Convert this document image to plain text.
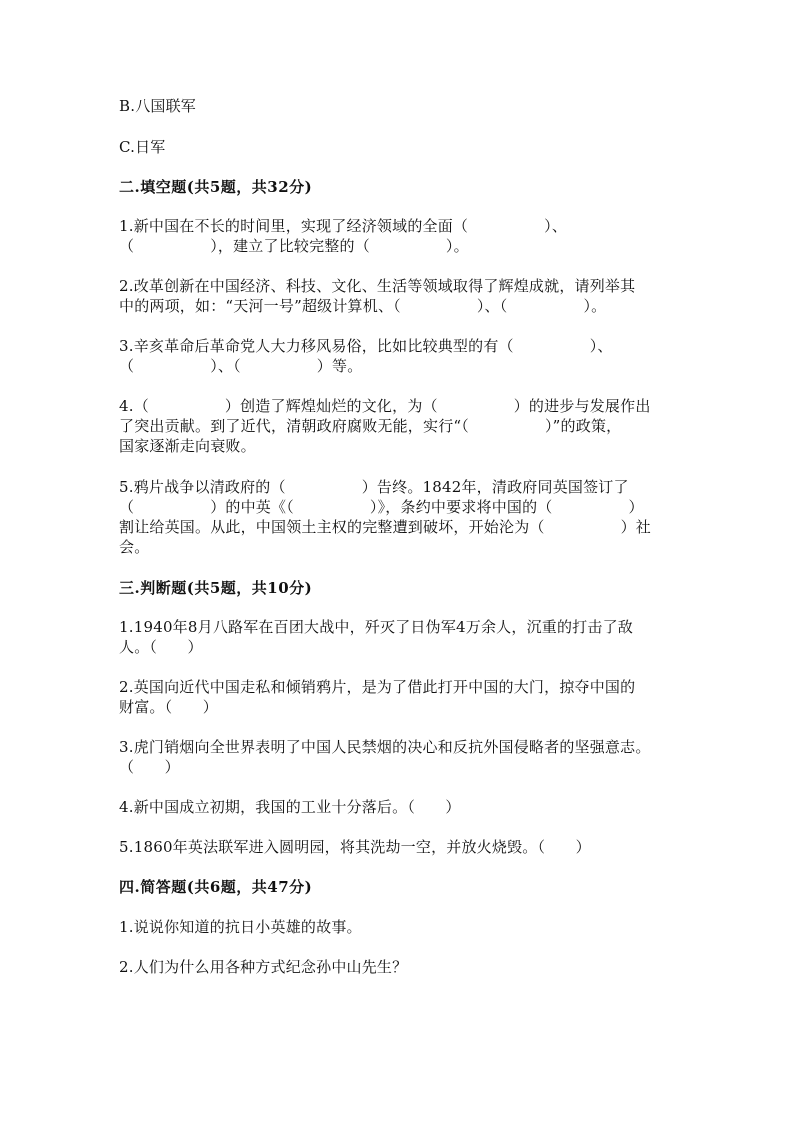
B.八国联军
C.日军
二.填空题(共5题，共32分)
1.新中国在不长的时间里，实现了经济领域的全面（　　　　　）、
（　　　　　），建立了比较完整的（　　　　　）。
2.改革创新在中国经济、科技、文化、生活等领域取得了辉煌成就，请列举其
中的两项，如：“天河一号”超级计算机、（　　　　　）、（　　　　　）。
3.辛亥革命后革命党人大力移风易俗，比如比较典型的有（　　　　　）、
（　　　　　）、（　　　　　）等。
4.（　　　　　）创造了辉煌灿烂的文化，为（　　　　　）的进步与发展作出
了突出贡献。到了近代，清朝政府腐败无能，实行“（　　　　　）”的政策，
国家逐渐走向衰败。
5.鸦片战争以清政府的（　　　　　）告终。1842年，清政府同英国签订了
（　　　　　）的中英《（　　　　　）》，条约中要求将中国的（　　　　　）
割让给英国。从此，中国领土主权的完整遭到破坏，开始沦为（　　　　　）社
会。
三.判断题(共5题，共10分)
1.1940年8月八路军在百团大战中，歼灭了日伪军4万余人，沉重的打击了敌
人。（　　）
2.英国向近代中国走私和倾销鸦片，是为了借此打开中国的大门，掠夺中国的
财富。（　　）
3.虎门销烟向全世界表明了中国人民禁烟的决心和反抗外国侵略者的坚强意志。
（　　）
4.新中国成立初期，我国的工业十分落后。（　　）
5.1860年英法联军进入圆明园，将其洗劫一空，并放火烧毁。（　　）
四.简答题(共6题，共47分)
1.说说你知道的抗日小英雄的故事。
2.人们为什么用各种方式纪念孙中山先生？
